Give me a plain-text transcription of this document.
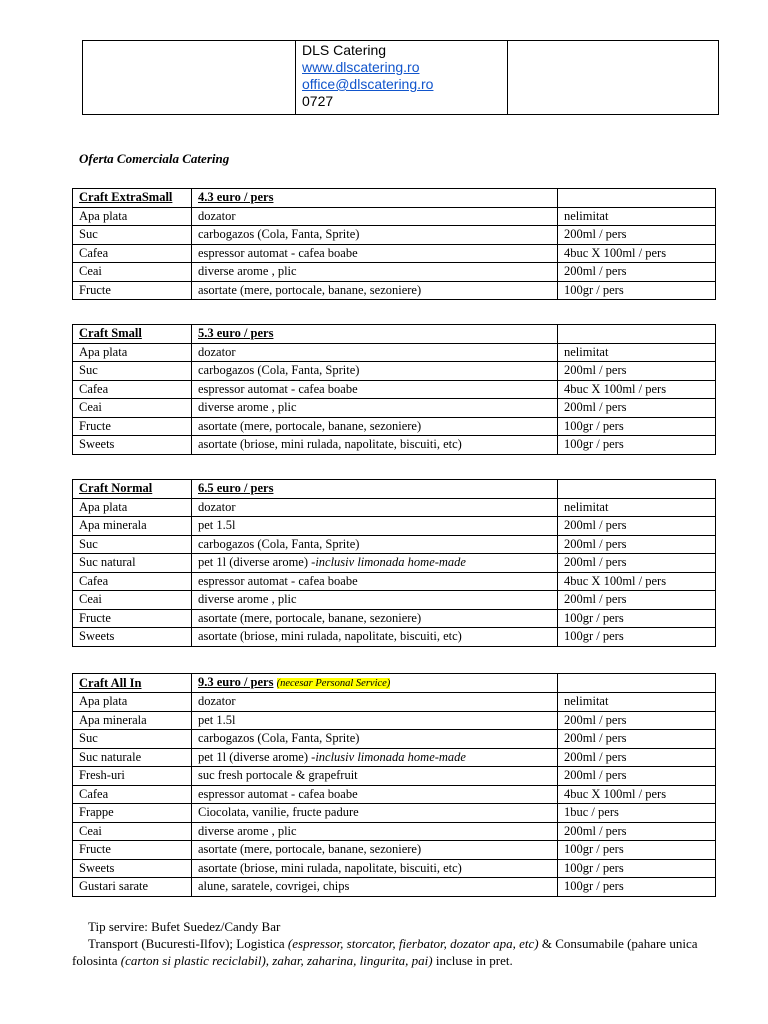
DLS Catering
www.dlscatering.ro
office@dlscatering.ro
0727

Oferta Comerciala Catering
Craft ExtraSmall	4.3 euro / pers	
Apa plata	dozator	nelimitat
Suc	carbogazos (Cola, Fanta, Sprite)	200ml / pers
Cafea	espressor automat - cafea boabe	4buc X 100ml / pers
Ceai	diverse arome , plic	200ml / pers
Fructe	asortate (mere, portocale, banane, sezoniere)	100gr / pers
Craft Small	5.3 euro / pers	
Apa plata	dozator	nelimitat
Suc	carbogazos (Cola, Fanta, Sprite)	200ml / pers
Cafea	espressor automat - cafea boabe	4buc X 100ml / pers
Ceai	diverse arome , plic	200ml / pers
Fructe	asortate (mere, portocale, banane, sezoniere)	100gr / pers
Sweets	asortate (briose, mini rulada, napolitate, biscuiti, etc)	100gr / pers
Craft Normal	6.5 euro / pers	
Apa plata	dozator	nelimitat
Apa minerala	pet 1.5l	200ml / pers
Suc	carbogazos (Cola, Fanta, Sprite)	200ml / pers
Suc natural	pet 1l (diverse arome) -inclusiv limonada home-made	200ml / pers
Cafea	espressor automat - cafea boabe	4buc X 100ml / pers
Ceai	diverse arome , plic	200ml / pers
Fructe	asortate (mere, portocale, banane, sezoniere)	100gr / pers
Sweets	asortate (briose, mini rulada, napolitate, biscuiti, etc)	100gr / pers
Craft All In	9.3 euro / pers (necesar Personal Service)	
Apa plata	dozator	nelimitat
Apa minerala	pet 1.5l	200ml / pers
Suc	carbogazos (Cola, Fanta, Sprite)	200ml / pers
Suc naturale	pet 1l (diverse arome) -inclusiv limonada home-made	200ml / pers
Fresh-uri	suc fresh portocale & grapefruit	200ml / pers
Cafea	espressor automat - cafea boabe	4buc X 100ml / pers
Frappe	Ciocolata, vanilie, fructe padure	1buc / pers
Ceai	diverse arome , plic	200ml / pers
Fructe	asortate (mere, portocale, banane, sezoniere)	100gr / pers
Sweets	asortate (briose, mini rulada, napolitate, biscuiti, etc)	100gr / pers
Gustari sarate	alune, saratele, covrigei, chips	100gr / pers

Tip servire: Bufet Suedez/Candy Bar

Transport (Bucuresti-Ilfov); Logistica (espressor, storcator, fierbator, dozator apa, etc) & Consumabile (pahare unica folosinta (carton si plastic reciclabil), zahar, zaharina, lingurita, pai) incluse in pret.
